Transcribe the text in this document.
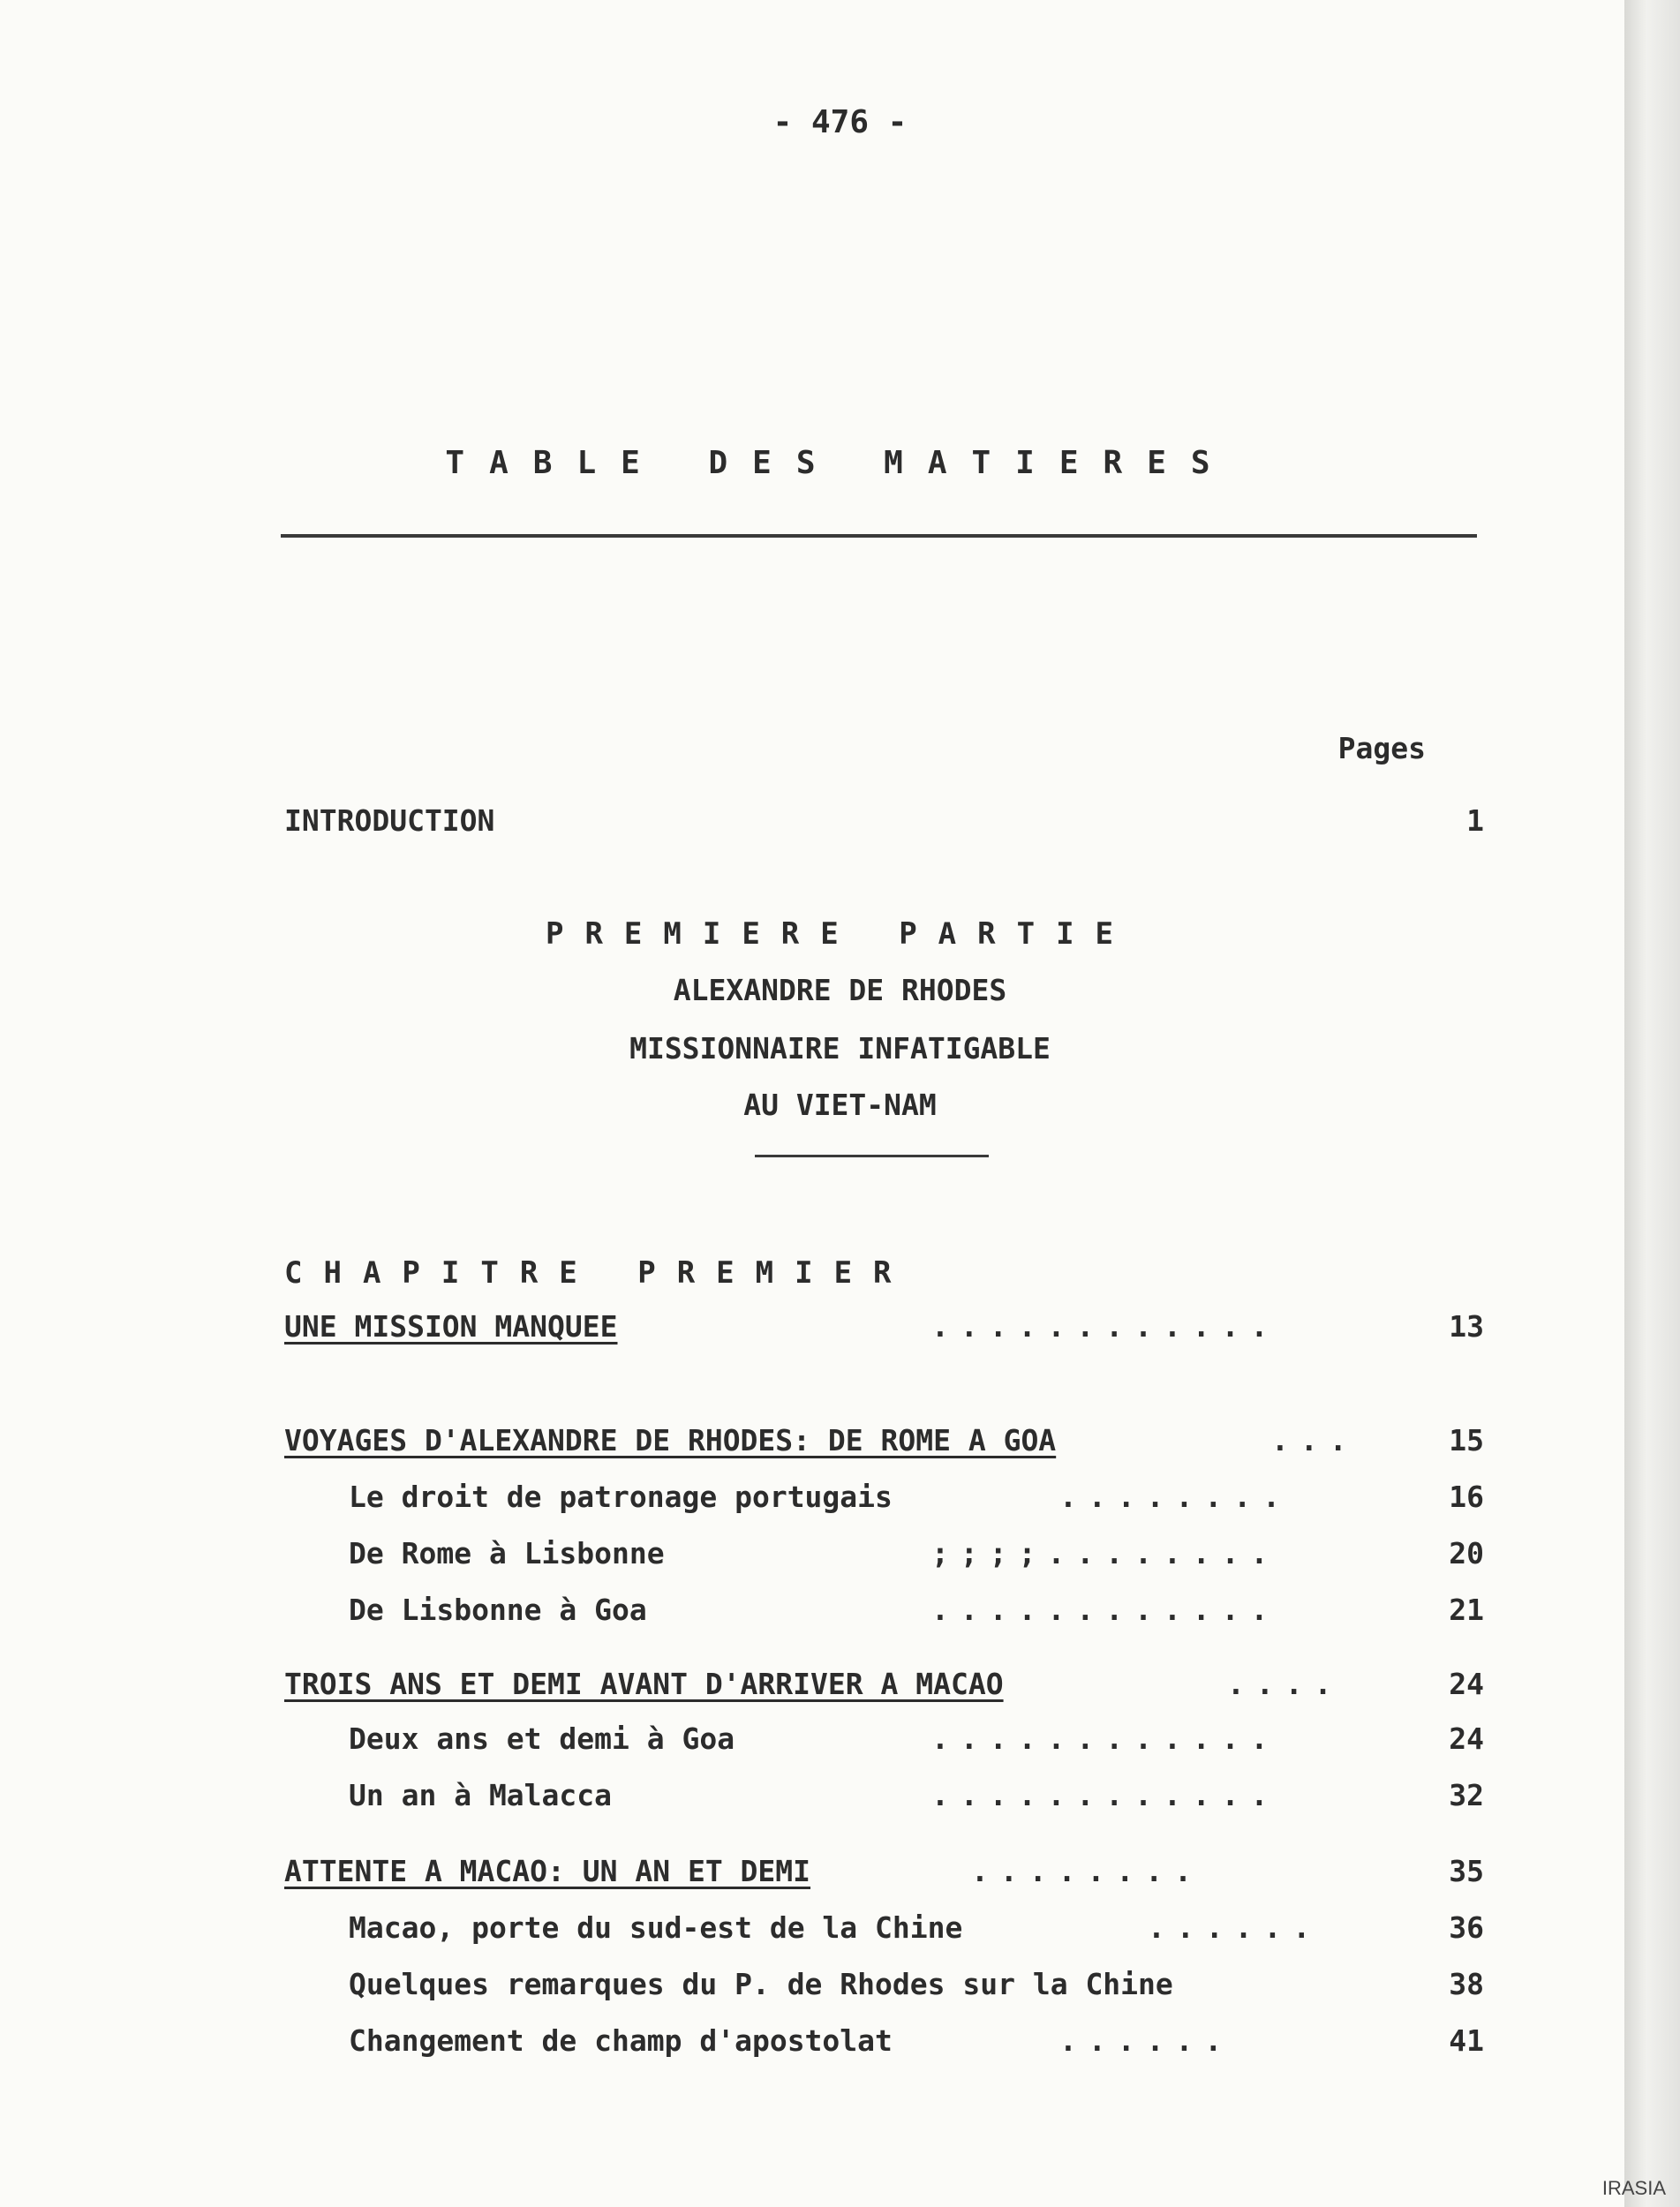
- 476 -
TABLE DES MATIERES
Pages
INTRODUCTION	1
PREMIERE PARTIE
ALEXANDRE DE RHODES
MISSIONNAIRE INFATIGABLE
AU VIET-NAM
CHAPITRE PREMIER
UNE MISSION MANQUEE	............	13
VOYAGES D'ALEXANDRE DE RHODES: DE ROME A GOA	...	15
Le droit de patronage portugais	........	16
De Rome à Lisbonne	;;;;........	20
De Lisbonne à Goa	............	21
TROIS ANS ET DEMI AVANT D'ARRIVER A MACAO	....	24
Deux ans et demi à Goa	............	24
Un an à Malacca	............	32
ATTENTE A MACAO: UN AN ET DEMI	........	35
Macao, porte du sud-est de la Chine	......	36
Quelques remarques du P. de Rhodes sur la Chine	38
Changement de champ d'apostolat	......	41
IRASIA
